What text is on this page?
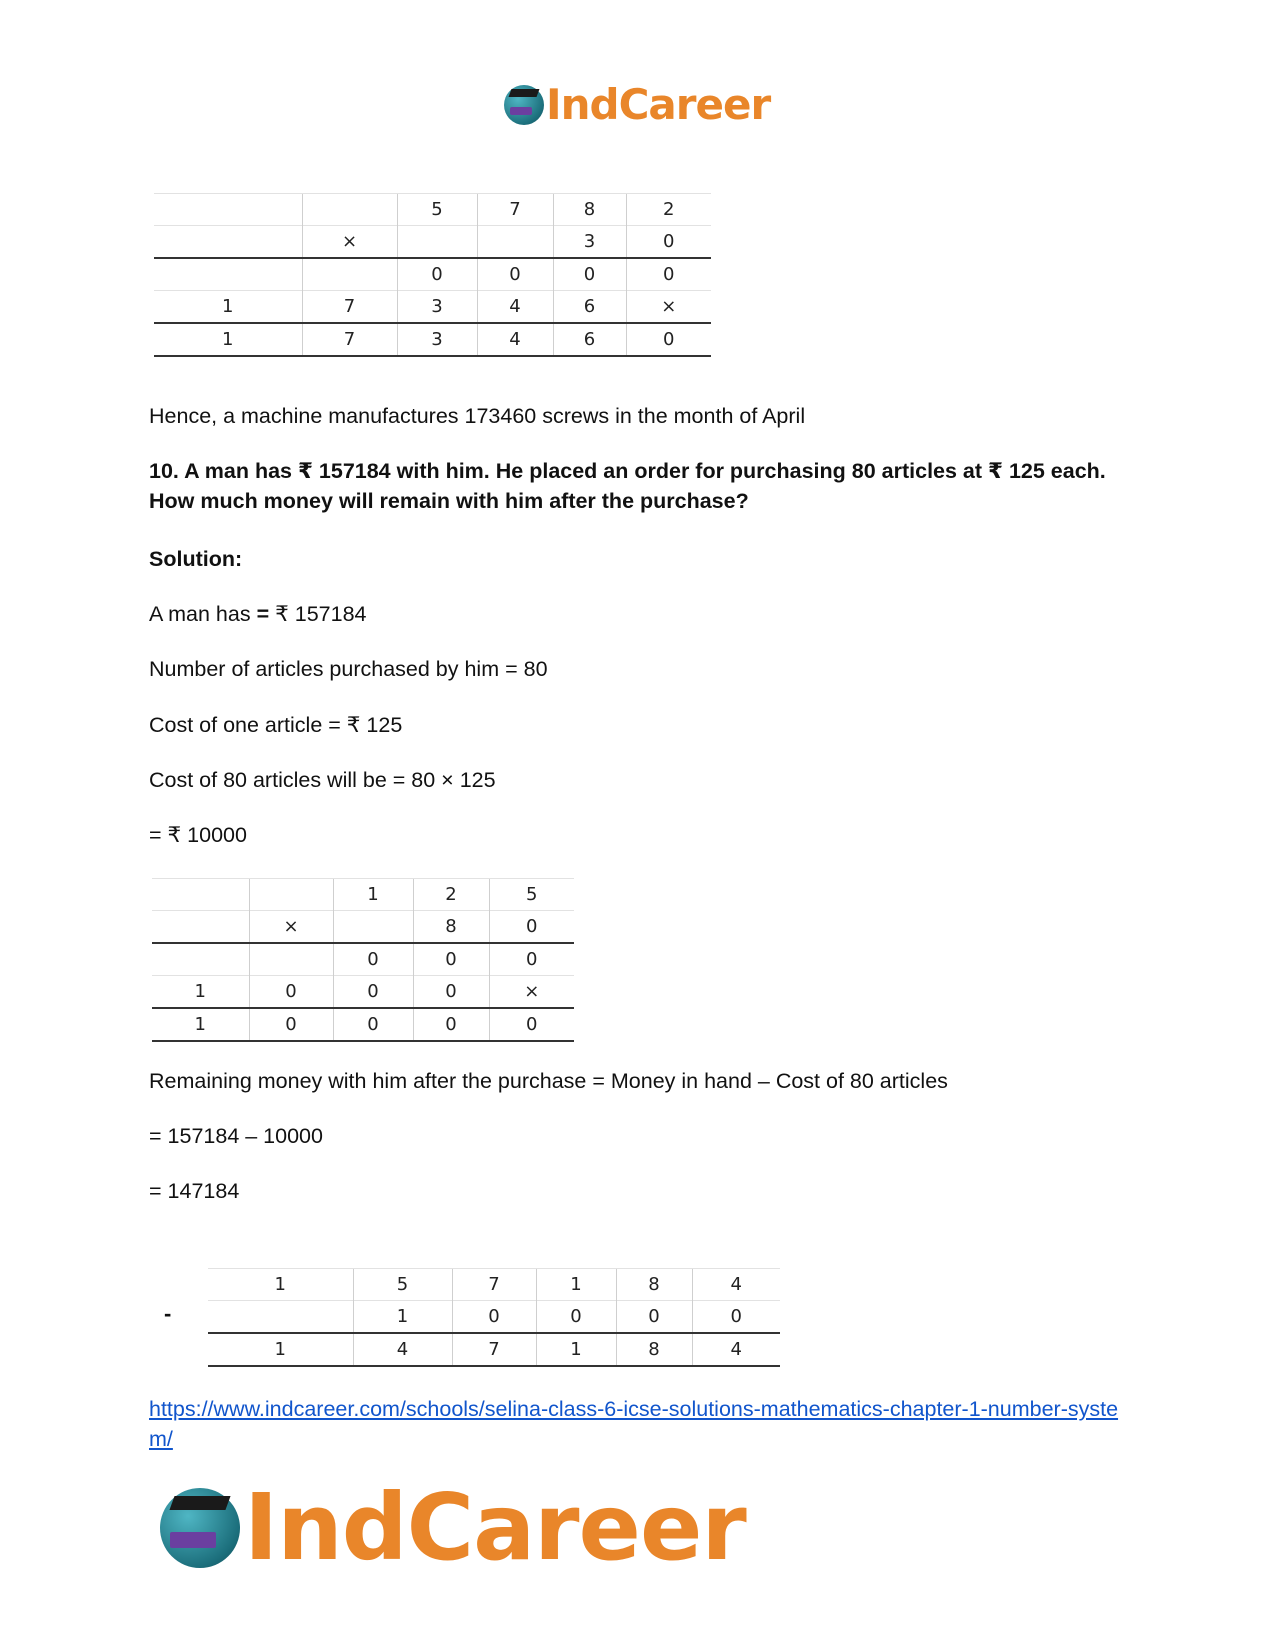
IndCareer
		5	7	8	2
	×			3	0
		0	0	0	0
1	7	3	4	6	×
1	7	3	4	6	0
Hence, a machine manufactures 173460 screws in the month of April
10. A man has ₹ 157184 with him. He placed an order for purchasing 80 articles at ₹ 125 each. How much money will remain with him after the purchase?
Solution:
A man has = ₹ 157184
Number of articles purchased by him = 80
Cost of one article = ₹ 125
Cost of 80 articles will be = 80 × 125
= ₹ 10000
		1	2	5
	×		8	0
		0	0	0
1	0	0	0	×
1	0	0	0	0
Remaining money with him after the purchase = Money in hand – Cost of 80 articles
= 157184 – 10000
= 147184
-
1	5	7	1	8	4
	1	0	0	0	0
1	4	7	1	8	4
https://www.indcareer.com/schools/selina-class-6-icse-solutions-mathematics-chapter-1-number-system/
IndCareer
